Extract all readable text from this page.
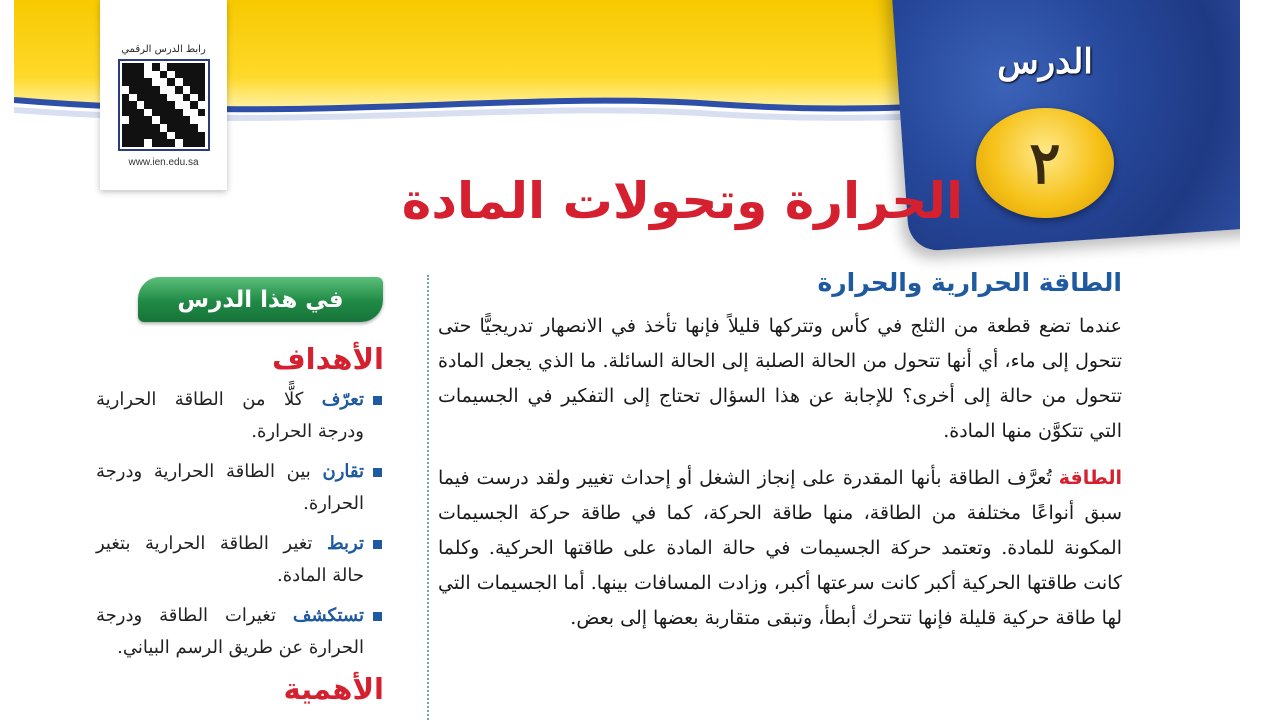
الدرس
٢
رابط الدرس الرقمي
www.ien.edu.sa
الحرارة وتحولات المادة
الطاقة الحرارية والحرارة

عندما تضع قطعة من الثلج في كأس وتتركها قليلاً فإنها تأخذ في الانصهار تدريجيًّا حتى تتحول إلى ماء، أي أنها تتحول من الحالة الصلبة إلى الحالة السائلة. ما الذي يجعل المادة تتحول من حالة إلى أخرى؟ للإجابة عن هذا السؤال تحتاج إلى التفكير في الجسيمات التي تتكوَّن منها المادة.

الطاقة تُعرَّف الطاقة بأنها المقدرة على إنجاز الشغل أو إحداث تغيير ولقد درست فيما سبق أنواعًا مختلفة من الطاقة، منها طاقة الحركة، كما في طاقة حركة الجسيمات المكونة للمادة. وتعتمد حركة الجسيمات في حالة المادة على طاقتها الحركية. وكلما كانت طاقتها الحركية أكبر كانت سرعتها أكبر، وزادت المسافات بينها. أما الجسيمات التي لها طاقة حركية قليلة فإنها تتحرك أبطأ، وتبقى متقاربة بعضها إلى بعض.

في هذا الدرس
الأهداف
تعرّف كلًّا من الطاقة الحرارية ودرجة الحرارة.
تقارن بين الطاقة الحرارية ودرجة الحرارة.
تربط تغير الطاقة الحرارية بتغير حالة المادة.
تستكشف تغيرات الطاقة ودرجة الحرارة عن طريق الرسم البياني.
الأهمية
